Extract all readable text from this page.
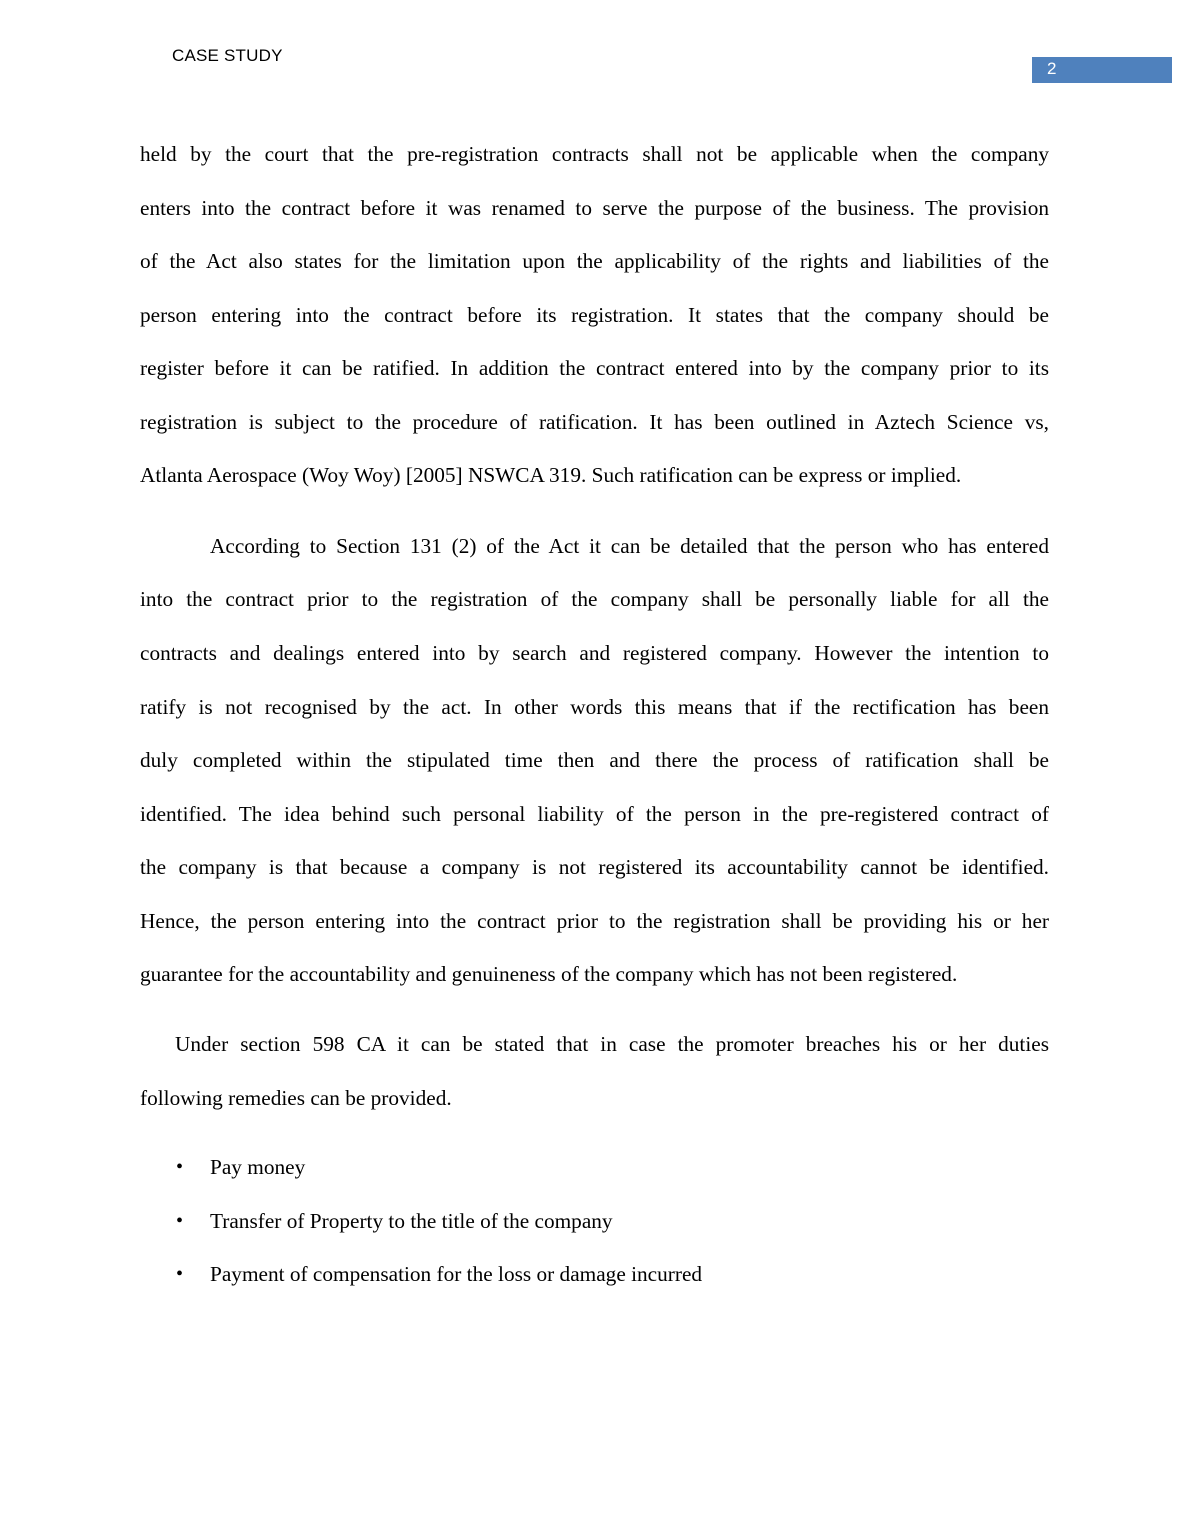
CASE STUDY
2
held by the court that the pre-registration contracts shall not be applicable when the company
enters into the contract before it was renamed to serve the purpose of the business. The provision
of the Act also states for the limitation upon the applicability of the rights and liabilities of the
person entering into the contract before its registration. It states that the company should be
register before it can be ratified. In addition the contract entered into by the company prior to its
registration is subject to the procedure of ratification. It has been outlined in Aztech Science vs,
Atlanta Aerospace (Woy Woy) [2005] NSWCA 319. Such ratification can be express or implied.
According to Section 131 (2) of the Act it can be detailed that the person who has entered
into the contract prior to the registration of the company shall be personally liable for all the
contracts and dealings entered into by search and registered company. However the intention to
ratify is not recognised by the act. In other words this means that if the rectification has been
duly completed within the stipulated time then and there the process of ratification shall be
identified. The idea behind such personal liability of the person in the pre-registered contract of
the company is that because a company is not registered its accountability cannot be identified.
Hence, the person entering into the contract prior to the registration shall be providing his or her
guarantee for the accountability and genuineness of the company which has not been registered.
Under section 598 CA it can be stated that in case the promoter breaches his or her duties
following remedies can be provided.
• Pay money
• Transfer of Property to the title of the company
• Payment of compensation for the loss or damage incurred
